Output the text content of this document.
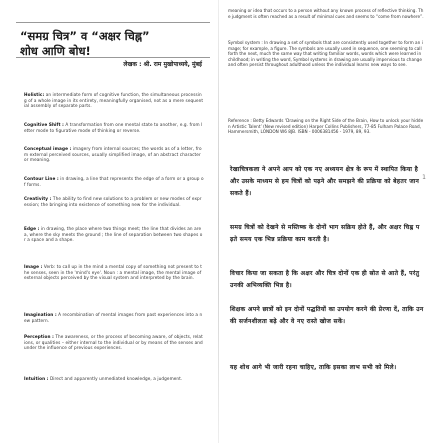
“समग्र चित्र” व “अक्षर चिह्न”
शोध आणि बोध!
लेखक : श्री. राम मुखोपाध्यये, मुंबई
Holistic: an intermediate form of cognitive function, the simultaneous processing of a whole image in its entirety, meaningfully organised, not as a mere sequential assembly of separate parts.
Cognitive Shift : A transformation from one mental state to another, e.g. from letter mode to figurative mode of thinking or reverse.
Conceptual image : imagery from internal sources; the words as of a letter, from external perceived sources, usually simplified image, of an abstract character or meaning.
Contour Line : in drawing, a line that represents the edge of a form or a group of forms.
Creativity : The ability to find new solutions to a problem or new modes of expression; the bringing into existence of something new for the individual.
Edge : in drawing, the place where two things meet; the line that divides an area, where the sky meets the ground ; the line of separation between two shapes or a space and a shape.
Image : Verb: to call up in the mind a mental copy of something not present to the senses, seen in the 'mind's eye'. Noun : a mental image, the mental image of external objects perceived by the visual system and interpreted by the brain.
Imagination : A recombination of mental images from past experiences into a new pattern.
Perception : The awareness, or the process of becoming aware, of objects, relations, or qualities – either internal to the individual or by means of the senses and under the influence of previous experiences.
Intuition : Direct and apparently unmediated knowledge, a judgement.
meaning or idea that occurs to a person without any known process of reflective thinking. The judgment is often reached as a result of minimal cues and seems to “come from nowhere”.
Symbol system : In drawing a set of symbols that are consistently used together to form an image; for example, a figure. The symbols are usually used in sequence, one seeming to call forth the next, much the same way that writing familiar words, words which were learned in childhood; in writing the word, Symbol systems in drawing are usually impervious to change and often persist throughout adulthood unless the individual learns new ways to see.
Reference : Betty Edwards ‘Drawing on the Right Side of the Brain, How to unlock your hidden Artistic Talent’ (New revised edition) Harper Collins Publishers, 77-85 Fulham Palace Road, Hammersmith, LONDON W6 8JB. ISBN - 0006381456 - 1979, 89, 93.
रेखाचित्रकला ने अपने आप को एक नए अध्ययन क्षेत्र के रूप में स्थापित किया है और उसके माध्यम से हम चित्रों को पढ़ने और समझने की प्रक्रिया को बेहतर जान सकते हैं।
समग्र चित्रों को देखने से मस्तिष्क के दोनों भाग सक्रिय होते हैं, और अक्षर चिह्न पढ़ते समय एक भिन्न प्रक्रिया काम करती है।
विचार किया जा सकता है कि अक्षर और चित्र दोनों एक ही स्रोत से आते हैं, परंतु उनकी अभिव्यक्ति भिन्न है।
शिक्षक अपने छात्रों को इन दोनों पद्धतियों का उपयोग करने की प्रेरणा दें, ताकि उनकी सर्जनशीलता बढ़े और वे नए रास्ते खोज सकें।
यह शोध आगे भी जारी रहना चाहिए, ताकि इसका लाभ सभी को मिले।
1
